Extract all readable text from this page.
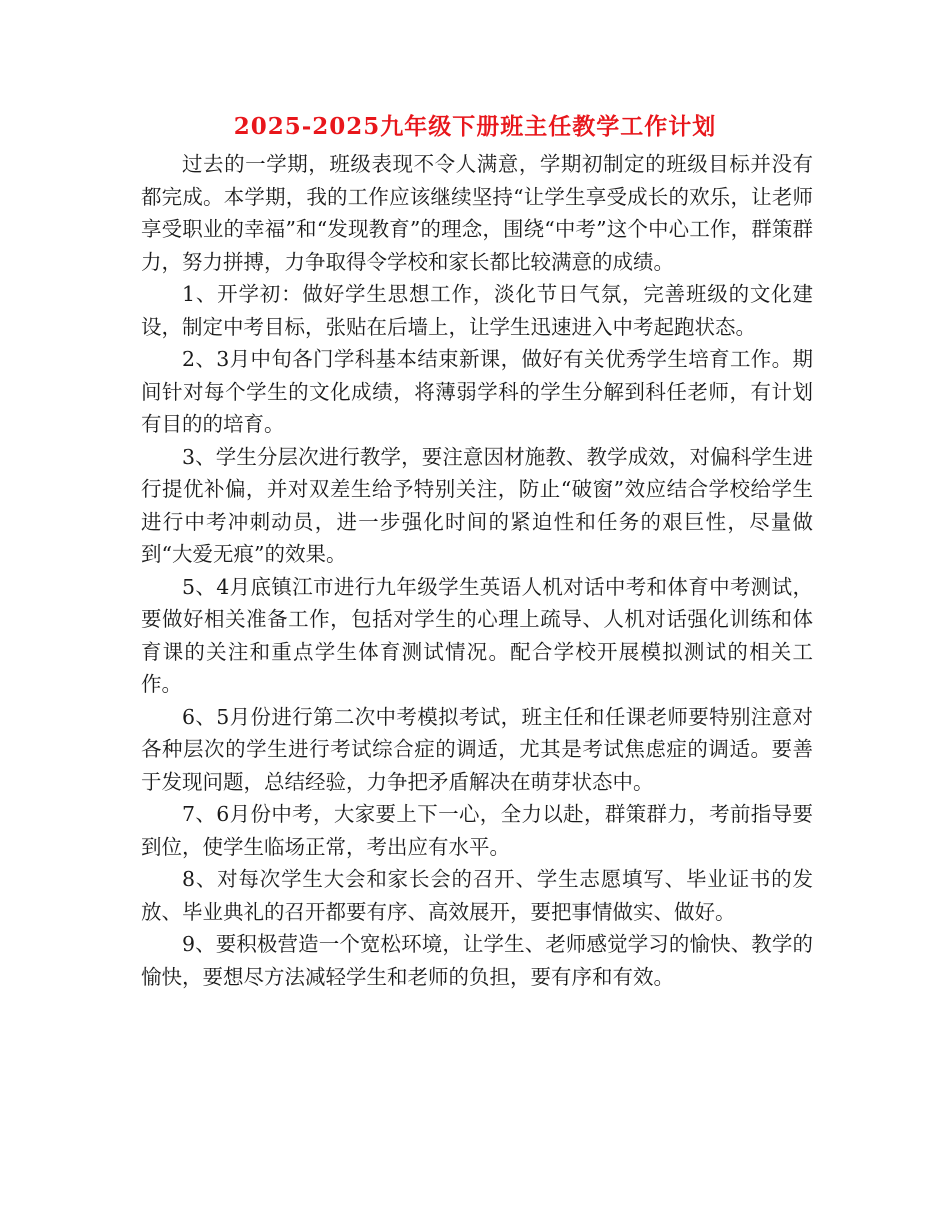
2025-2025九年级下册班主任教学工作计划

过去的一学期，班级表现不令人满意，学期初制定的班级目标并没有都完成。本学期，我的工作应该继续坚持“让学生享受成长的欢乐，让老师享受职业的幸福”和“发现教育”的理念，围绕“中考”这个中心工作，群策群力，努力拼搏，力争取得令学校和家长都比较满意的成绩。

1、开学初：做好学生思想工作，淡化节日气氛，完善班级的文化建设，制定中考目标，张贴在后墙上，让学生迅速进入中考起跑状态。

2、3月中旬各门学科基本结束新课，做好有关优秀学生培育工作。期间针对每个学生的文化成绩，将薄弱学科的学生分解到科任老师，有计划有目的的培育。

3、学生分层次进行教学，要注意因材施教、教学成效，对偏科学生进行提优补偏，并对双差生给予特别关注，防止“破窗”效应结合学校给学生进行中考冲刺动员，进一步强化时间的紧迫性和任务的艰巨性，尽量做到“大爱无痕”的效果。

5、4月底镇江市进行九年级学生英语人机对话中考和体育中考测试，要做好相关准备工作，包括对学生的心理上疏导、人机对话强化训练和体育课的关注和重点学生体育测试情况。配合学校开展模拟测试的相关工作。

6、5月份进行第二次中考模拟考试，班主任和任课老师要特别注意对各种层次的学生进行考试综合症的调适，尤其是考试焦虑症的调适。要善于发现问题，总结经验，力争把矛盾解决在萌芽状态中。

7、6月份中考，大家要上下一心，全力以赴，群策群力，考前指导要到位，使学生临场正常，考出应有水平。

8、对每次学生大会和家长会的召开、学生志愿填写、毕业证书的发放、毕业典礼的召开都要有序、高效展开，要把事情做实、做好。

9、要积极营造一个宽松环境，让学生、老师感觉学习的愉快、教学的愉快，要想尽方法减轻学生和老师的负担，要有序和有效。
